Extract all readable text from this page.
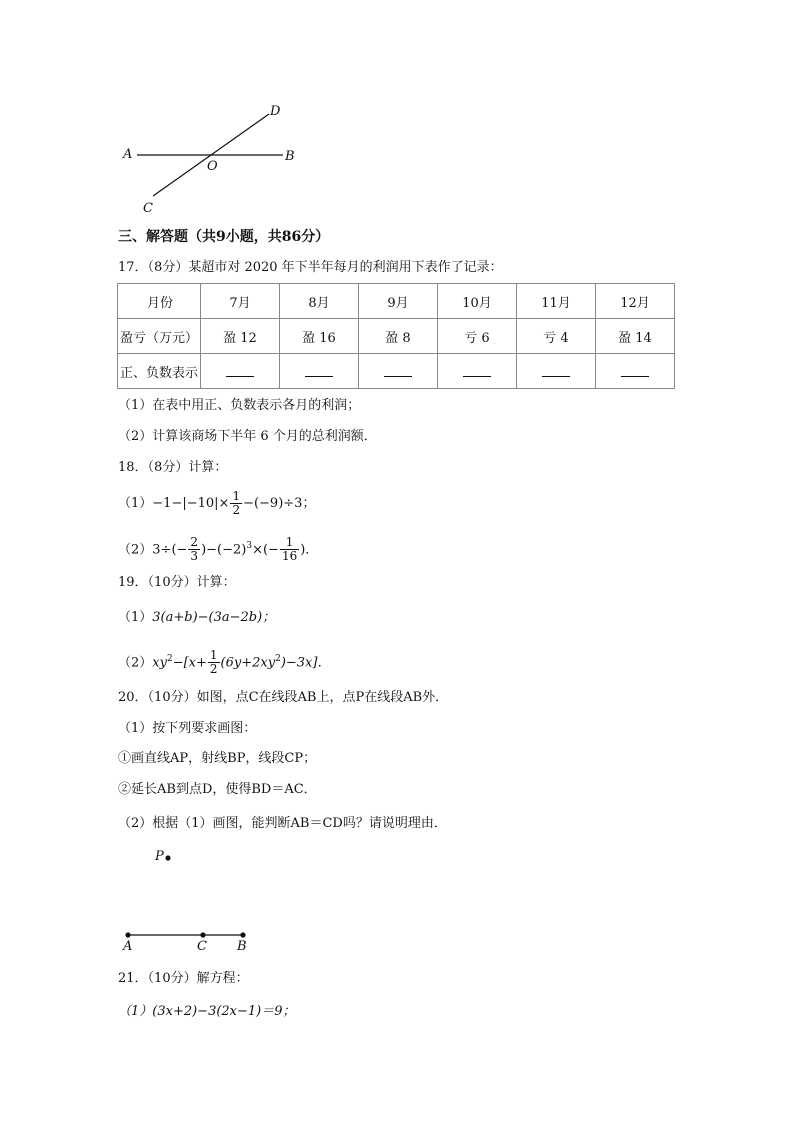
A	B
O
D
C
三、解答题（共9小题，共86分）
17．（8分）某超市对 2020 年下半年每月的利润用下表作了记录：
月份	7月	8月	9月	10月	11月	12月
盈亏（万元）	盈 12	盈 16	盈 8	亏 6	亏 4	盈 14
正、负数表示						
（1）在表中用正、负数表示各月的利润；
（2）计算该商场下半年 6 个月的总利润额．
18．（8分）计算：
$(1)-1-|-10|\times \frac{1}{2} -(-9)\div 3$；
$(2)3\div(- \frac{2}{3} )-(-2)^3\times(- \frac{1}{16}$ )．
19．（10分）计算：
（1）3(a+b)−(3a−2b)；
$(2)xy^2-[x+ \frac{1}{2} (6y+2xy^2)-3x]$．
20．（10分）如图，点C在线段AB上，点P在线段AB外．
（1）按下列要求画图：
①画直线AP，射线BP，线段CP；
②延长AB到点D，使得BD＝AC．
（2）根据（1）画图，能判断AB＝CD吗？请说明理由．
P
A	C B
21．（10分）解方程：
（1）(3x+2)−3(2x−1)＝9；
